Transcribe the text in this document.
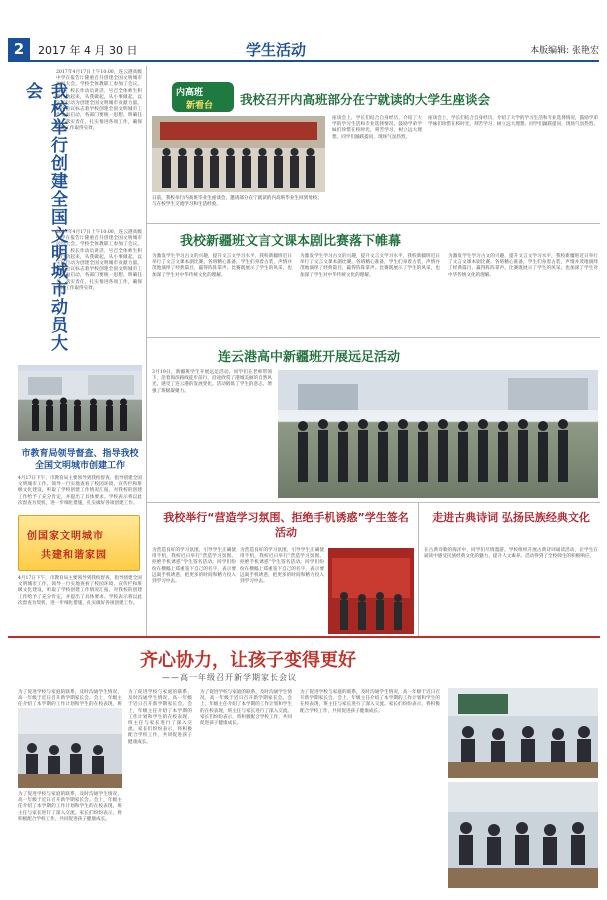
2	2017 年 4 月 30 日	学生活动	本版编辑: 张艳宏
我校举行创建全国文明城市动员大会
2017年4月17日上午10:00，连云港高级中学在报告厅隆重召开创建全国文明城市动员大会。学校全体教职工参加了会议。会上，校长作动员讲话，号召全体师生积极行动起来，从我做起，从小事做起，以实际行动为创建全国文明城市贡献力量。这次会议标志着学校创建全国文明城市工作全面启动，各部门要统一思想，明确任务，落实责任，扎实推进各项工作，确保创建工作取得实效。
2017年4月17日上午10:00，连云港高级中学在报告厅隆重召开创建全国文明城市动员大会。学校全体教职工参加了会议。会上，校长作动员讲话，号召全体师生积极行动起来，从我做起，从小事做起，以实际行动为创建全国文明城市贡献力量。这次会议标志着学校创建全国文明城市工作全面启动，各部门要统一思想，明确任务，落实责任，扎实推进各项工作，确保创建工作取得实效。
市教育局领导督查、指导我校全国文明城市创建工作
4月17日下午，市教育局主要领导到我校督查、指导创建全国文明城市工作。领导一行实地查看了校园环境、宣传栏和班级文化建设，听取了学校创建工作情况汇报，对我校的创建工作给予了充分肯定，并提出了具体要求。学校表示将以此次督查为契机，进一步细化措施，扎实做好各项创建工作。
创国家文明城市
共建和谐家园
4月17日下午，市教育局主要领导到我校督查、指导创建全国文明城市工作。领导一行实地查看了校园环境、宣传栏和班级文化建设，听取了学校创建工作情况汇报，对我校的创建工作给予了充分肯定，并提出了具体要求。学校表示将以此次督查为契机，进一步细化措施，扎实做好各项创建工作。
内高班
新看台 我校召开内高班部分在宁就读的大学生座谈会
日前，我校举行内高班毕业生座谈会，邀请部分在宁就读的内高班毕业生回到母校，与在校学生交流学习和生活经验。
座谈会上，学长们结合自身经历，介绍了大学的学习生活和专业选择情况，鼓励学弟学妹们珍惜在校时光，刻苦学习，树立远大理想。同学们踊跃提问，现场气氛热烈。
座谈会上，学长们结合自身经历，介绍了大学的学习生活和专业选择情况，鼓励学弟学妹们珍惜在校时光，刻苦学习，树立远大理想。同学们踊跃提问，现场气氛热烈。
我校新疆班文言文课本剧比赛落下帷幕
为激发学生学习古文的兴趣，提升文言文学习水平，我校新疆班近日举行了文言文课本剧比赛。各班精心准备，学生们身着古装，声情并茂地演绎了经典篇目，赢得阵阵掌声。比赛既展示了学生的风采，也加深了学生对中华传统文化的理解。
为激发学生学习古文的兴趣，提升文言文学习水平，我校新疆班近日举行了文言文课本剧比赛。各班精心准备，学生们身着古装，声情并茂地演绎了经典篇目，赢得阵阵掌声。比赛既展示了学生的风采，也加深了学生对中华传统文化的理解。
为激发学生学习古文的兴趣，提升文言文学习水平，我校新疆班近日举行了文言文课本剧比赛。各班精心准备，学生们身着古装，声情并茂地演绎了经典篇目，赢得阵阵掌声。比赛既展示了学生的风采，也加深了学生对中华传统文化的理解。
连云港高中新疆班开展远足活动
3月19日，新疆班学生开展远足活动。同学们在老师带领下，沿着海滨路线徒步前行，沿途欣赏了港城美丽的自然风光，感受了连云港的发展变化。活动锻炼了学生的意志，增强了班级凝聚力。
我校举行“营造学习氛围、拒绝手机诱惑”学生签名活动
为营造良好的学习氛围，引导学生正确使用手机，我校近日举行“营造学习氛围、拒绝手机诱惑”学生签名活动。同学们纷纷在横幅上郑重签下自己的名字，表示要远离手机诱惑，把更多的时间和精力投入到学习中去。
为营造良好的学习氛围，引导学生正确使用手机，我校近日举行“营造学习氛围、拒绝手机诱惑”学生签名活动。同学们纷纷在横幅上郑重签下自己的名字，表示要远离手机诱惑，把更多的时间和精力投入到学习中去。
走进古典诗词 弘扬民族经典文化
在古典诗歌的海洋中，同学们尽情遨游。学校组织开展古典诗词诵读活动，让学生在诵读中感受民族经典文化的魅力，提升人文素养。活动得到了全校师生的积极响应。
齐心协力，让孩子变得更好
——高一年级召开新学期家长会议
为了促进学校与家庭的联系，及时沟通学生情况，高一年级于近日召开新学期家长会。会上，年级主任介绍了本学期的工作计划和学生的在校表现，班
为了促进学校与家庭的联系，及时沟通学生情况，高一年级于近日召开新学期家长会。会上，年级主任介绍了本学期的工作计划和学生的在校表现，班主任与家长进行了深入交流。家长们纷纷表示，将积极配合学校工作，共同促进孩子健康成长。
为了促进学校与家庭的联系，及时沟通学生情况，高一年级于近日召开新学期家长会。会上，年级主任介绍了本学期的工作计划和学生的在校表现，班主任与家长进行了深入交流。家长们纷纷表示，将积极配合学校工作，共同促进孩子健康成长。
为了促进学校与家庭的联系，及时沟通学生情况，高一年级于近日召开新学期家长会。会上，年级主任介绍了本学期的工作计划和学生的在校表现，班主任与家长进行了深入交流。家长们纷纷表示，将积极配合学校工作，共同促进孩子健康成长。
为了促进学校与家庭的联系，及时沟通学生情况，高一年级于近日召开新学期家长会。会上，年级主任介绍了本学期的工作计划和学生的在校表现，班主任与家长进行了深入交流。家长们纷纷表示，将积极配合学校工作，共同促进孩子健康成长。
